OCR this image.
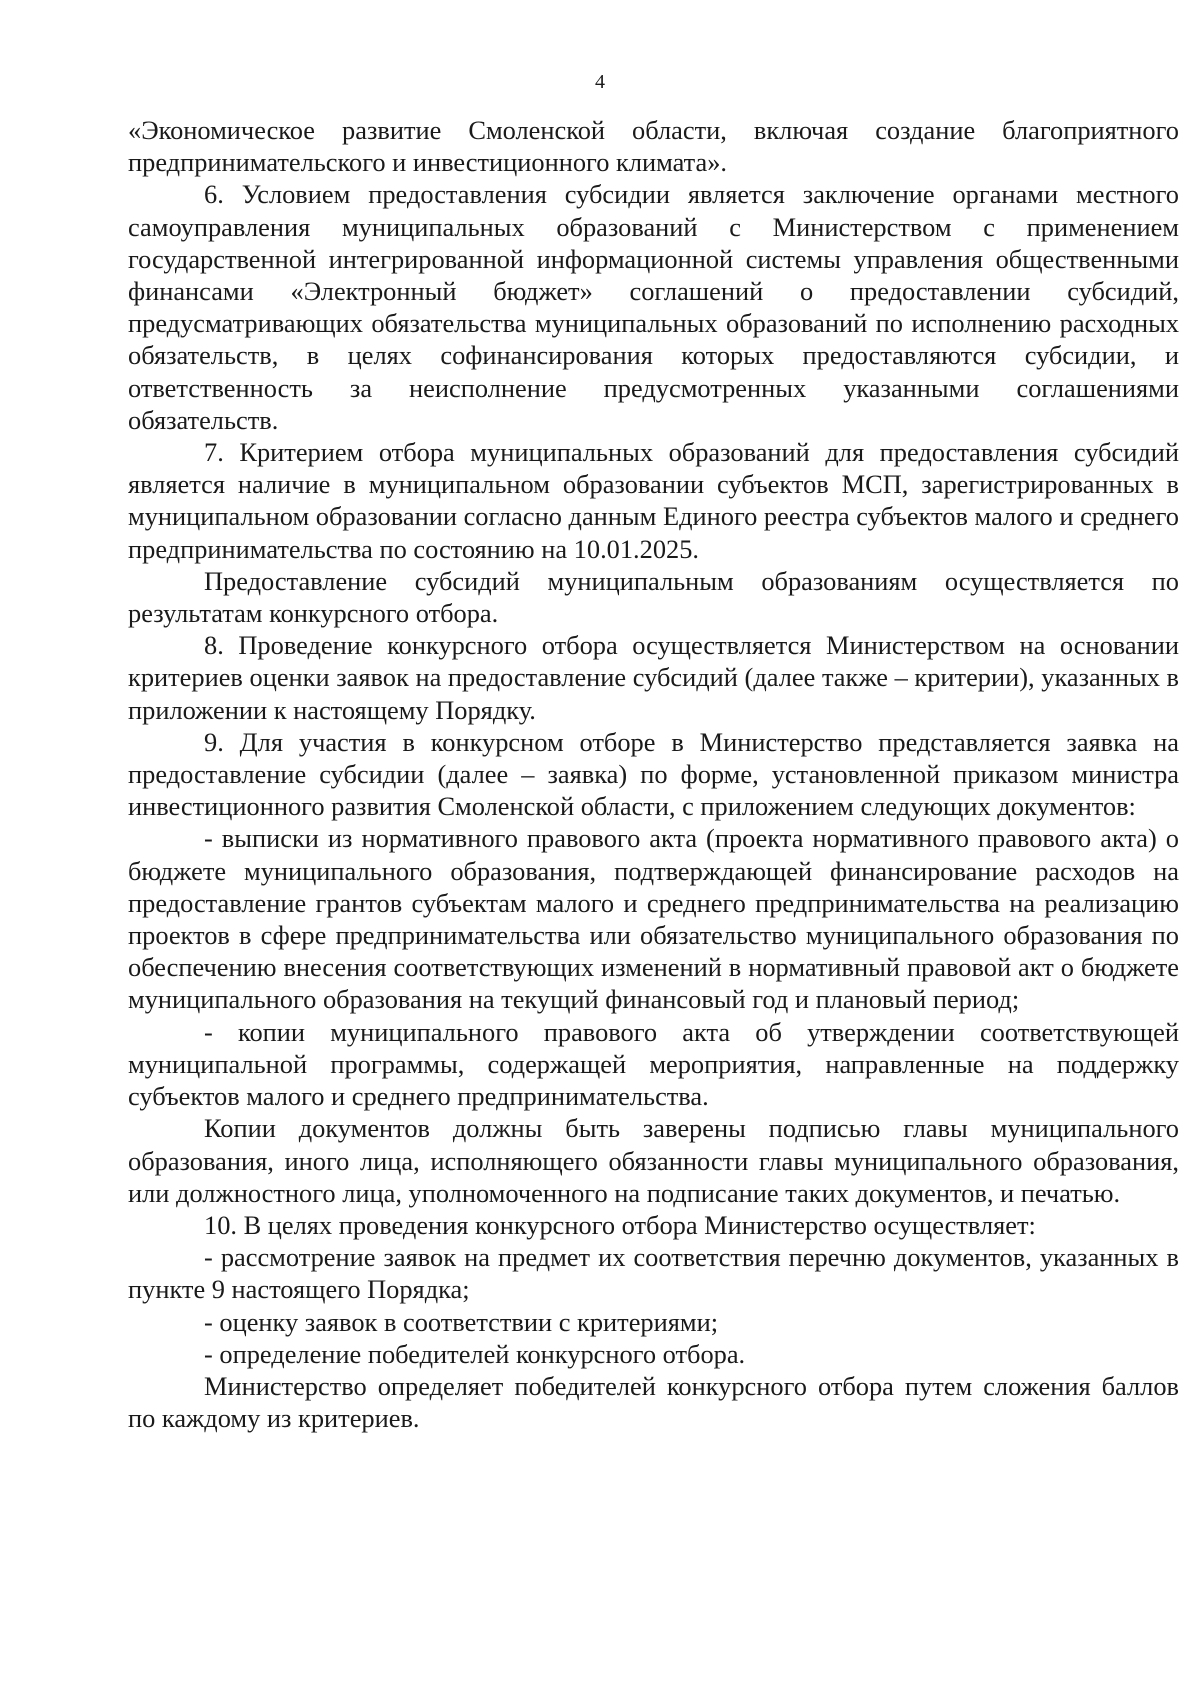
4

«Экономическое развитие Смоленской области, включая создание благоприятного предпринимательского и инвестиционного климата».

6. Условием предоставления субсидии является заключение органами местного самоуправления муниципальных образований с Министерством с применением государственной интегрированной информационной системы управления общественными финансами «Электронный бюджет» соглашений о предоставлении субсидий, предусматривающих обязательства муниципальных образований по исполнению расходных обязательств, в целях софинансирования которых предоставляются субсидии, и ответственность за неисполнение предусмотренных указанными соглашениями обязательств.

7. Критерием отбора муниципальных образований для предоставления субсидий является наличие в муниципальном образовании субъектов МСП, зарегистрированных в муниципальном образовании согласно данным Единого реестра субъектов малого и среднего предпринимательства по состоянию на 10.01.2025.

Предоставление субсидий муниципальным образованиям осуществляется по результатам конкурсного отбора.

8. Проведение конкурсного отбора осуществляется Министерством на основании критериев оценки заявок на предоставление субсидий (далее также – критерии), указанных в приложении к настоящему Порядку.

9. Для участия в конкурсном отборе в Министерство представляется заявка на предоставление субсидии (далее – заявка) по форме, установленной приказом министра инвестиционного развития Смоленской области, с приложением следующих документов:

- выписки из нормативного правового акта (проекта нормативного правового акта) о бюджете муниципального образования, подтверждающей финансирование расходов на предоставление грантов субъектам малого и среднего предпринимательства на реализацию проектов в сфере предпринимательства или обязательство муниципального образования по обеспечению внесения соответствующих изменений в нормативный правовой акт о бюджете муниципального образования на текущий финансовый год и плановый период;

- копии муниципального правового акта об утверждении соответствующей муниципальной программы, содержащей мероприятия, направленные на поддержку субъектов малого и среднего предпринимательства.

Копии документов должны быть заверены подписью главы муниципального образования, иного лица, исполняющего обязанности главы муниципального образования, или должностного лица, уполномоченного на подписание таких документов, и печатью.

10. В целях проведения конкурсного отбора Министерство осуществляет:

- рассмотрение заявок на предмет их соответствия перечню документов, указанных в пункте 9 настоящего Порядка;

- оценку заявок в соответствии с критериями;

- определение победителей конкурсного отбора.

Министерство определяет победителей конкурсного отбора путем сложения баллов по каждому из критериев.
